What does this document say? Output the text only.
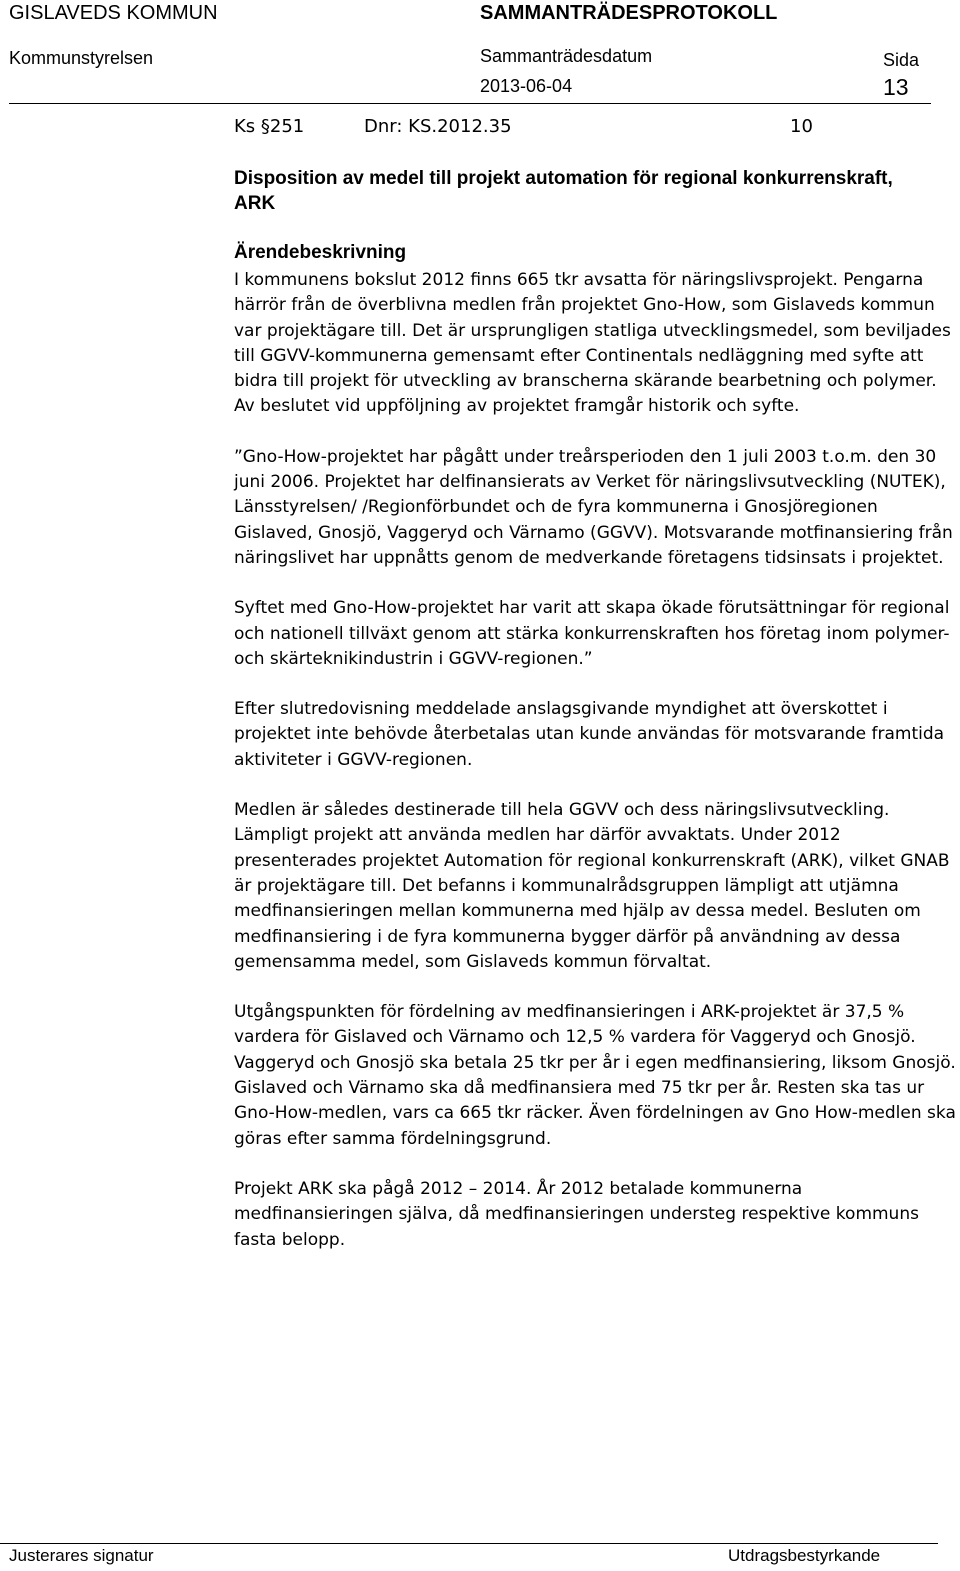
GISLAVEDS KOMMUN	SAMMANTRÄDESPROTOKOLL
Kommunstyrelsen	Sammanträdesdatum
2013-06-04
Sida
13
Ks §251	Dnr: KS.2012.35	10
Disposition av medel till projekt automation för regional konkurrenskraft, ARK
Ärendebeskrivning

I kommunens bokslut 2012 finns 665 tkr avsatta för näringslivsprojekt. Pengarna härrör från de överblivna medlen från projektet Gno-How, som Gislaveds kommun var projektägare till. Det är ursprungligen statliga utvecklingsmedel, som beviljades till GGVV-kommunerna gemensamt efter Continentals nedläggning med syfte att bidra till projekt för utveckling av branscherna skärande bearbetning och polymer.

Av beslutet vid uppföljning av projektet framgår historik och syfte.

”Gno-How-projektet har pågått under treårsperioden den 1 juli 2003 t.o.m. den 30 juni 2006. Projektet har delfinansierats av Verket för näringslivsutveckling (NUTEK), Länsstyrelsen/ /Regionförbundet och de fyra kommunerna i Gnosjöregionen Gislaved, Gnosjö, Vaggeryd och Värnamo (GGVV). Motsvarande motfinansiering från näringslivet har uppnåtts genom de medverkande företagens tidsinsats i projektet.

Syftet med Gno-How-projektet har varit att skapa ökade förutsättningar för regional och nationell tillväxt genom att stärka konkurrenskraften hos företag inom polymer- och skärteknikindustrin i GGVV-regionen.”

Efter slutredovisning meddelade anslagsgivande myndighet att överskottet i projektet inte behövde återbetalas utan kunde användas för motsvarande framtida aktiviteter i GGVV-regionen.

Medlen är således destinerade till hela GGVV och dess näringslivsutveckling. Lämpligt projekt att använda medlen har därför avvaktats. Under 2012 presenterades projektet Automation för regional konkurrenskraft (ARK), vilket GNAB är projektägare till. Det befanns i kommunalrådsgruppen lämpligt att utjämna medfinansieringen mellan kommunerna med hjälp av dessa medel. Besluten om medfinansiering i de fyra kommunerna bygger därför på användning av dessa gemensamma medel, som Gislaveds kommun förvaltat.

Utgångspunkten för fördelning av medfinansieringen i ARK-projektet är 37,5 % vardera för Gislaved och Värnamo och 12,5 % vardera för Vaggeryd och Gnosjö. Vaggeryd och Gnosjö ska betala 25 tkr per år i egen medfinansiering, liksom Gnosjö. Gislaved och Värnamo ska då medfinansiera med 75 tkr per år. Resten ska tas ur Gno-How-medlen, vars ca 665 tkr räcker. Även fördelningen av Gno How-medlen ska göras efter samma fördelningsgrund.

Projekt ARK ska pågå 2012 – 2014. År 2012 betalade kommunerna medfinansieringen själva, då medfinansieringen understeg respektive kommuns fasta belopp.

Justerares signatur	Utdragsbestyrkande
